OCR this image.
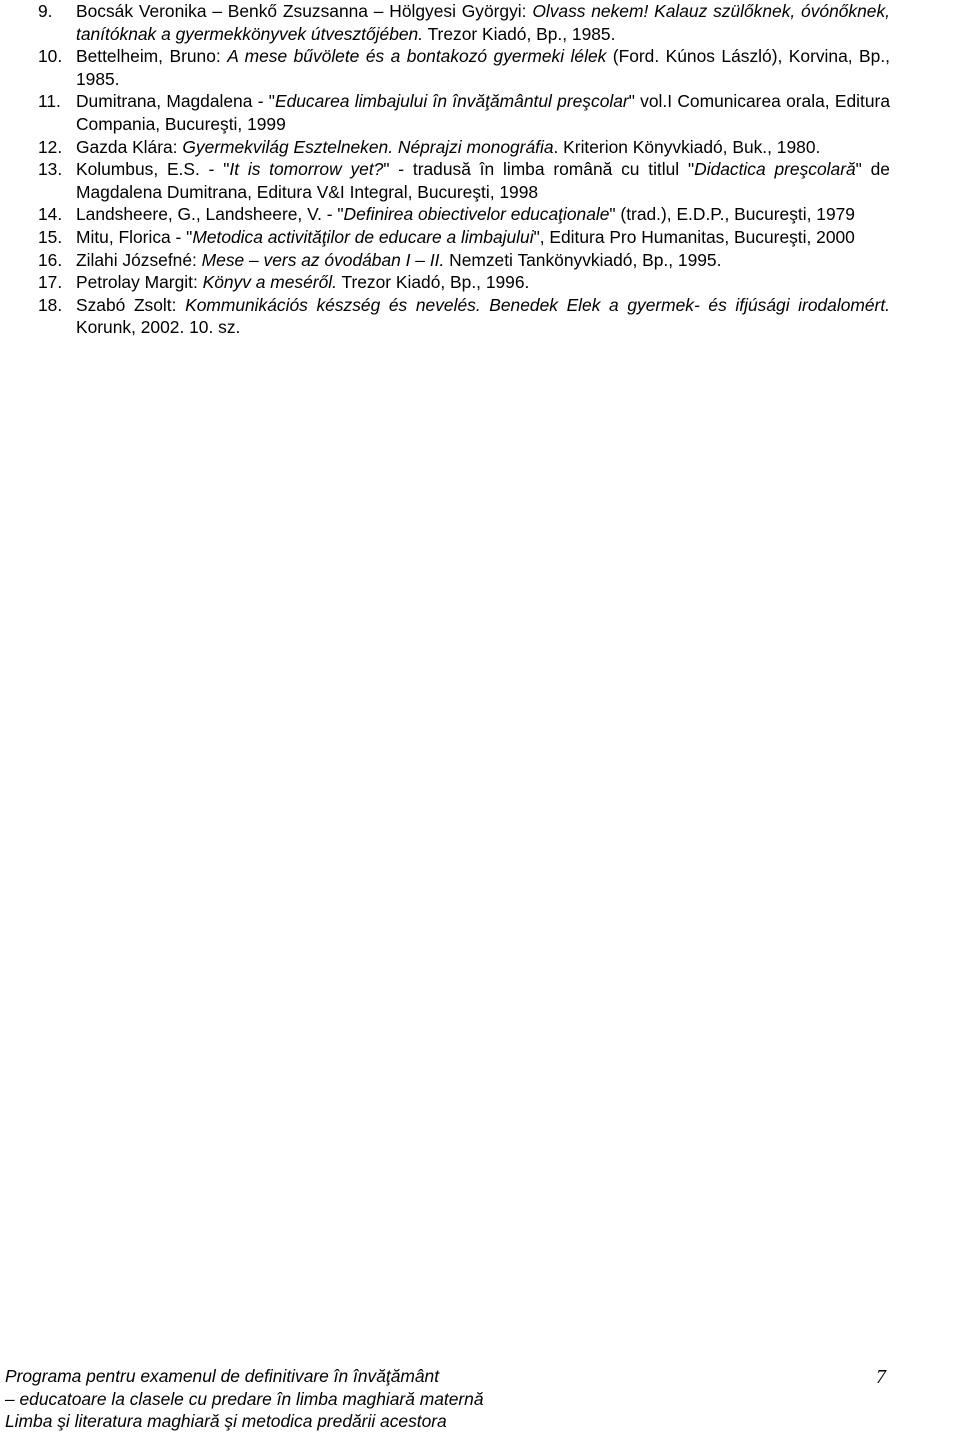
9. Bocsák Veronika – Benkő Zsuzsanna – Hölgyesi Györgyi: Olvass nekem! Kalauz szülőknek, óvónőknek, tanítóknak a gyermekkönyvek útvesztőjében. Trezor Kiadó, Bp., 1985.
10. Bettelheim, Bruno: A mese bűvölete és a bontakozó gyermeki lélek (Ford. Kúnos László), Korvina, Bp., 1985.
11. Dumitrana, Magdalena - "Educarea limbajului în învăţământul preşcolar" vol.I Comunicarea orala, Editura Compania, Bucureşti, 1999
12. Gazda Klára: Gyermekvilág Esztelneken. Néprajzi monográfia. Kriterion Könyvkiadó, Buk., 1980.
13. Kolumbus, E.S. - "It is tomorrow yet?" - tradusă în limba română cu titlul "Didactica preşcolară" de Magdalena Dumitrana, Editura V&I Integral, Bucureşti, 1998
14. Landsheere, G., Landsheere, V. - "Definirea obiectivelor educaţionale" (trad.), E.D.P., Bucureşti, 1979
15. Mitu, Florica - "Metodica activităţilor de educare a limbajului", Editura Pro Humanitas, Bucureşti, 2000
16. Zilahi Józsefné: Mese – vers az óvodában I – II. Nemzeti Tankönyvkiadó, Bp., 1995.
17. Petrolay Margit: Könyv a meséről. Trezor Kiadó, Bp., 1996.
18. Szabó Zsolt: Kommunikációs készség és nevelés. Benedek Elek a gyermek- és ifjúsági irodalomért. Korunk, 2002. 10. sz.
Programa pentru examenul de definitivare în învăţământ
– educatoare la clasele cu predare în limba maghiară maternă
Limba şi literatura maghiară şi metodica predării acestora
7
